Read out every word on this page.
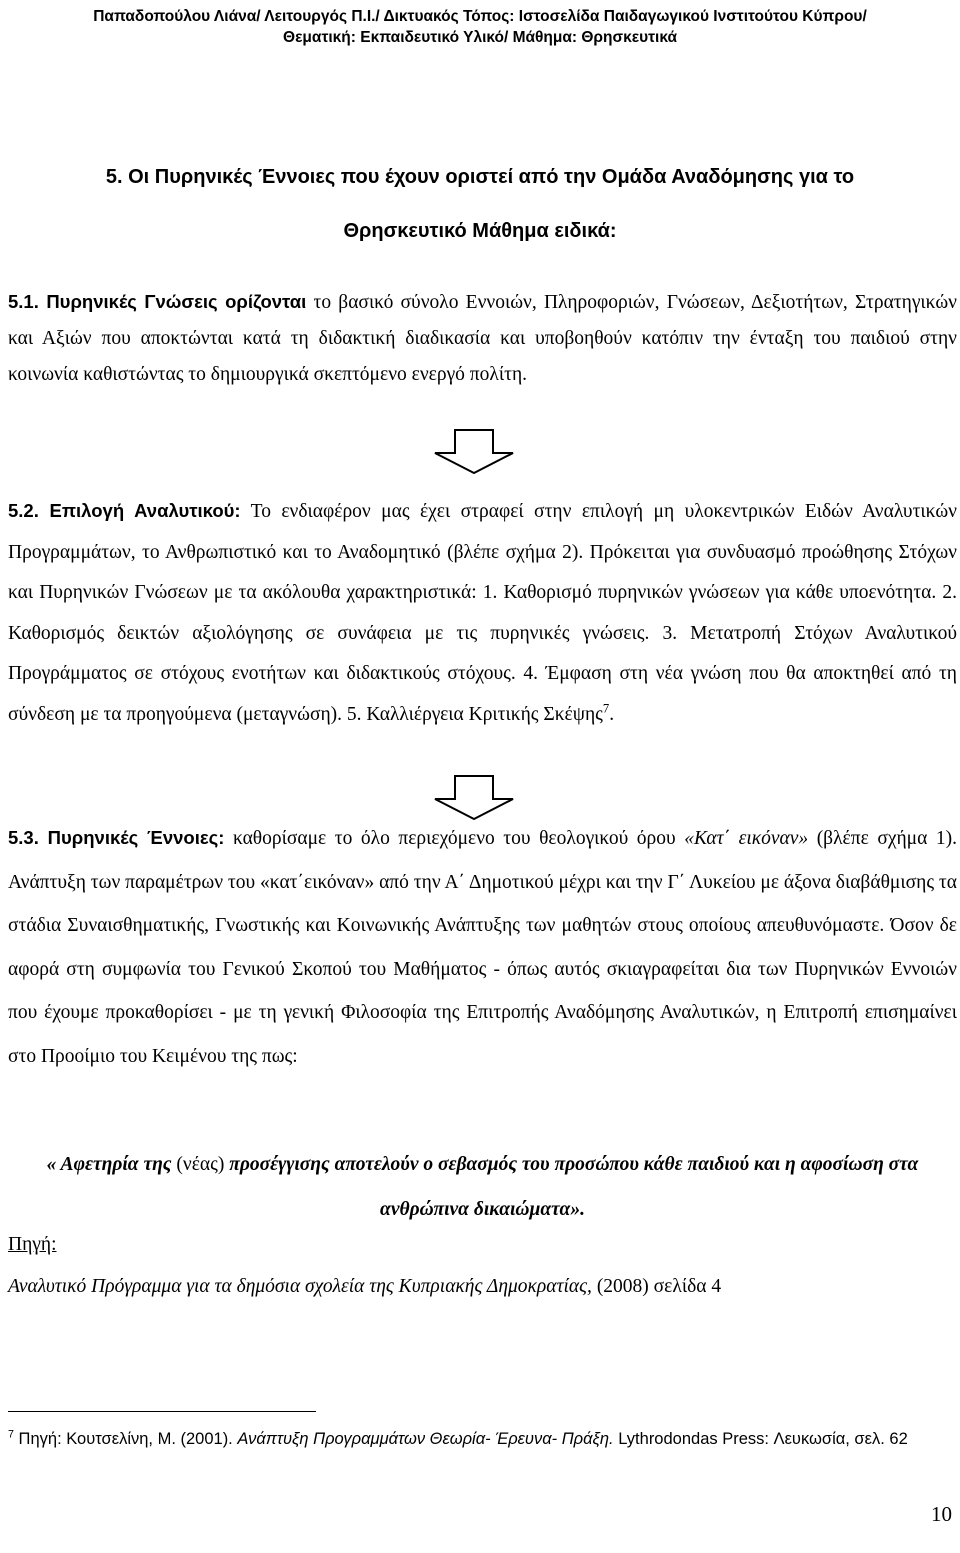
Παπαδοπούλου Λιάνα/ Λειτουργός Π.Ι./ Δικτυακός Τόπος: Ιστοσελίδα Παιδαγωγικού Ινστιτούτου Κύπρου/
Θεματική: Εκπαιδευτικό Υλικό/ Μάθημα: Θρησκευτικά
5. Οι Πυρηνικές Έννοιες που έχουν οριστεί από την Ομάδα Αναδόμησης για το
Θρησκευτικό Μάθημα ειδικά:
5.1. Πυρηνικές Γνώσεις ορίζονται το βασικό σύνολο Εννοιών, Πληροφοριών, Γνώσεων, Δεξιοτήτων, Στρατηγικών και Αξιών που αποκτώνται κατά τη διδακτική διαδικασία και υποβοηθούν κατόπιν την ένταξη του παιδιού στην κοινωνία καθιστώντας το δημιουργικά σκεπτόμενο ενεργό πολίτη.
5.2. Επιλογή Αναλυτικού: Το ενδιαφέρον μας έχει στραφεί στην επιλογή μη υλοκεντρικών Ειδών Αναλυτικών Προγραμμάτων, το Ανθρωπιστικό και το Αναδομητικό (βλέπε σχήμα 2). Πρόκειται για συνδυασμό προώθησης Στόχων και Πυρηνικών Γνώσεων με τα ακόλουθα χαρακτηριστικά: 1. Καθορισμό πυρηνικών γνώσεων για κάθε υποενότητα. 2. Καθορισμός δεικτών αξιολόγησης σε συνάφεια με τις πυρηνικές γνώσεις. 3. Μετατροπή Στόχων Αναλυτικού Προγράμματος σε στόχους ενοτήτων και διδακτικούς στόχους. 4. Έμφαση στη νέα γνώση που θα αποκτηθεί από τη σύνδεση με τα προηγούμενα (μεταγνώση). 5. Καλλιέργεια Κριτικής Σκέψης$^7$.
5.3. Πυρηνικές Έννοιες: καθορίσαμε το όλο περιεχόμενο του θεολογικού όρου «Κατ΄ εικόναν» (βλέπε σχήμα 1). Ανάπτυξη των παραμέτρων του «κατ΄εικόναν» από την Α΄ Δημοτικού μέχρι και την Γ΄ Λυκείου με άξονα διαβάθμισης τα στάδια Συναισθηματικής, Γνωστικής και Κοινωνικής Ανάπτυξης των μαθητών στους οποίους απευθυνόμαστε. Όσον δε αφορά στη συμφωνία του Γενικού Σκοπού του Μαθήματος - όπως αυτός σκιαγραφείται δια των Πυρηνικών Εννοιών που έχουμε προκαθορίσει - με τη γενική Φιλοσοφία της Επιτροπής Αναδόμησης Αναλυτικών, η Επιτροπή επισημαίνει στο Προοίμιο του Κειμένου της πως:
« Αφετηρία της (νέας) προσέγγισης αποτελούν ο σεβασμός του προσώπου κάθε παιδιού και η αφοσίωση στα ανθρώπινα δικαιώματα».
Πηγή:
Αναλυτικό Πρόγραμμα για τα δημόσια σχολεία της Κυπριακής Δημοκρατίας, (2008) σελίδα 4
$^7$ Πηγή: Κουτσελίνη, Μ. (2001). Ανάπτυξη Προγραμμάτων Θεωρία- Έρευνα- Πράξη. Lythrodondas Press: Λευκωσία, σελ. 62
10
